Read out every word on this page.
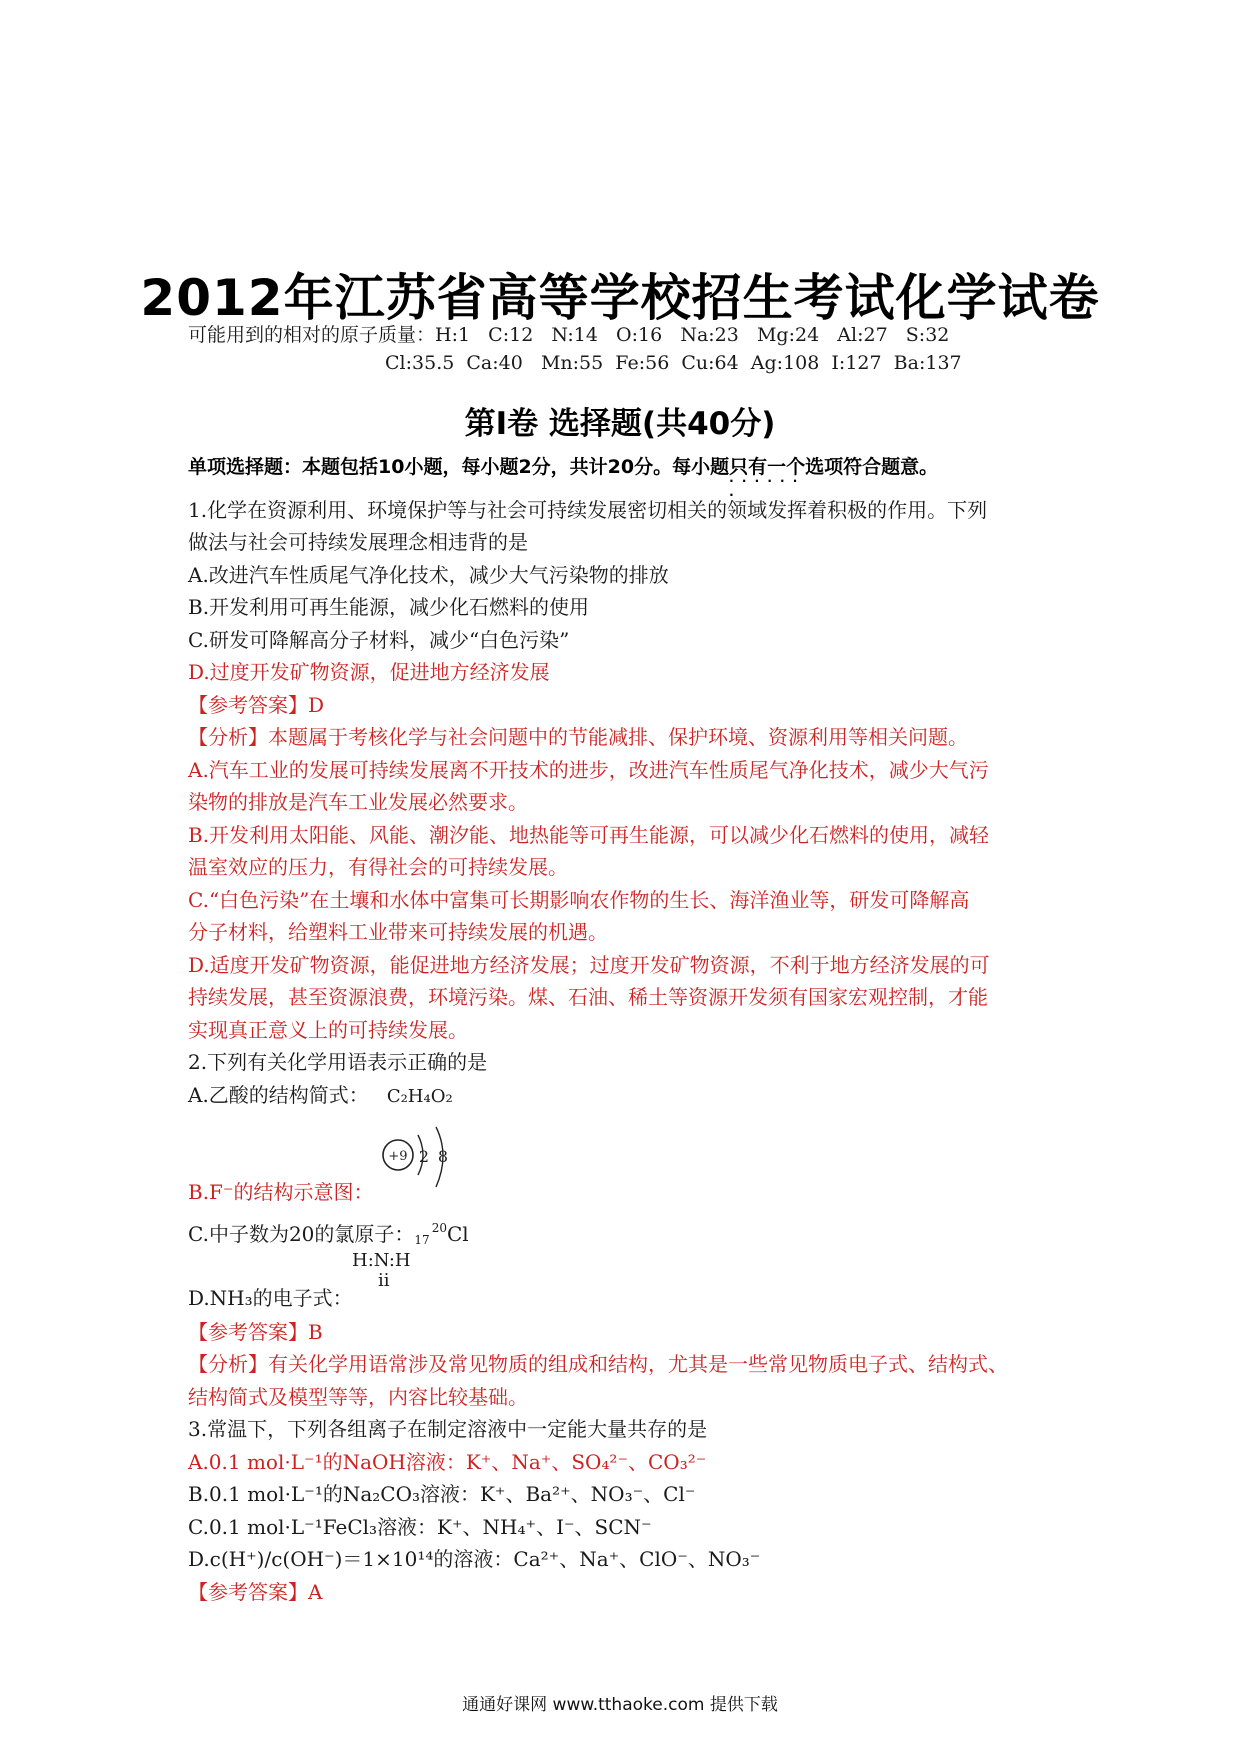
2012年江苏省高等学校招生考试化学试卷
可能用到的相对的原子质量：H:1   C:12   N:14   O:16   Na:23   Mg:24   Al:27   S:32
Cl:35.5  Ca:40   Mn:55  Fe:56  Cu:64  Ag:108  I:127  Ba:137
第Ⅰ卷 选择题(共40分)
单项选择题：本题包括10小题，每小题2分，共计20分。每小题只有一个 · · ·选项符合题意。
1.化学在资源利用、环境保护等与社会可持续发展密切相关的领域发挥着积极的作用。下列
做法与社会可持续发展理念相违背的是
A.改进汽车性质尾气净化技术，减少大气污染物的排放
B.开发利用可再生能源，减少化石燃料的使用
C.研发可降解高分子材料，减少“白色污染”
D.过度开发矿物资源，促进地方经济发展
【参考答案】D
【分析】本题属于考核化学与社会问题中的节能减排、保护环境、资源利用等相关问题。
A.汽车工业的发展可持续发展离不开技术的进步，改进汽车性质尾气净化技术，减少大气污
染物的排放是汽车工业发展必然要求。
B.开发利用太阳能、风能、潮汐能、地热能等可再生能源，可以减少化石燃料的使用，减轻
温室效应的压力，有得社会的可持续发展。
C.“白色污染”在土壤和水体中富集可长期影响农作物的生长、海洋渔业等，研发可降解高
分子材料，给塑料工业带来可持续发展的机遇。
D.适度开发矿物资源，能促进地方经济发展；过度开发矿物资源，不利于地方经济发展的可
持续发展，甚至资源浪费，环境污染。煤、石油、稀土等资源开发须有国家宏观控制，才能
实现真正意义上的可持续发展。
2.下列有关化学用语表示正确的是
A.乙酸的结构简式： C₂H₄O₂
+9 2 8
B.F⁻的结构示意图：
C.中子数为20的氯原子：$17^{20}Cl$
H:N:H
ii
D.NH₃的电子式：
【参考答案】B
【分析】有关化学用语常涉及常见物质的组成和结构，尤其是一些常见物质电子式、结构式、
结构简式及模型等等，内容比较基础。
3.常温下，下列各组离子在制定溶液中一定能大量共存的是
A.0.1 mol·L⁻¹的NaOH溶液：K⁺、Na⁺、SO₄²⁻、CO₃²⁻
B.0.1 mol·L⁻¹的Na₂CO₃溶液：K⁺、Ba²⁺、NO₃⁻、Cl⁻
C.0.1 mol·L⁻¹FeCl₃溶液：K⁺、NH₄⁺、I⁻、SCN⁻
D.c(H⁺)/c(OH⁻)＝1×10¹⁴的溶液：Ca²⁺、Na⁺、ClO⁻、NO₃⁻
【参考答案】A
通通好课网 www.tthaoke.com 提供下载
